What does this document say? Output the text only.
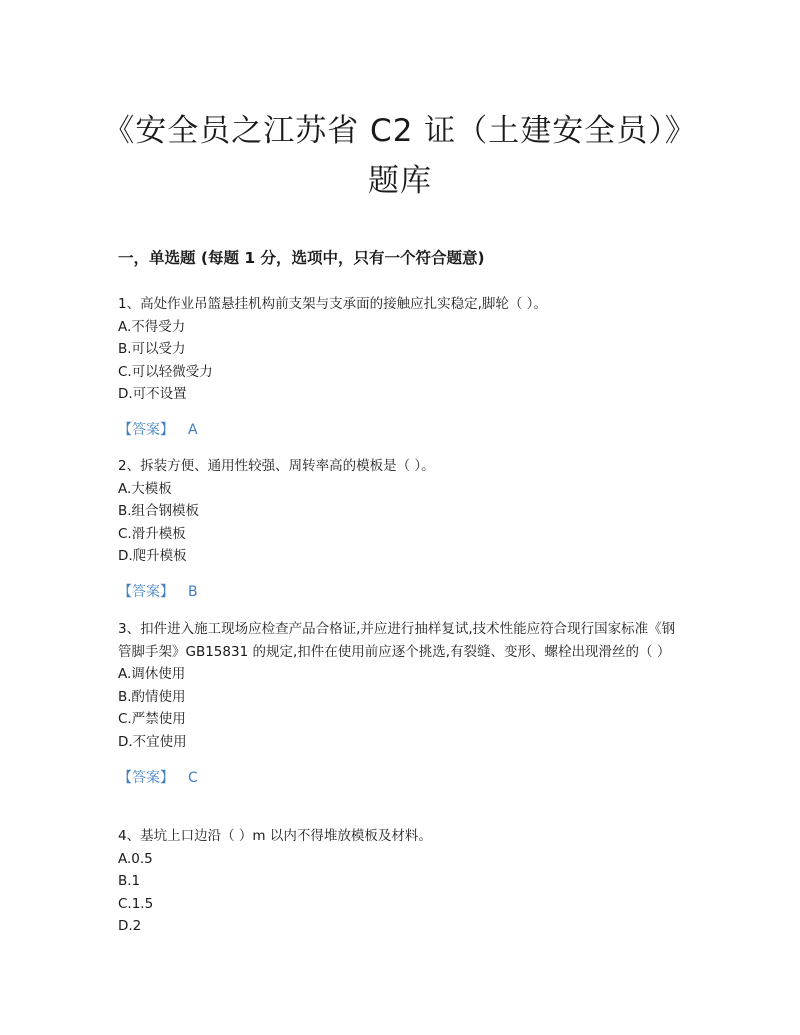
《安全员之江苏省 C2 证（土建安全员）》题库
一，单选题 (每题 1 分，选项中，只有一个符合题意)

1、高处作业吊篮悬挂机构前支架与支承面的接触应扎实稳定,脚轮（ ）。

A.不得受力

B.可以受力

C.可以轻微受力

D.可不设置

【答案】 A

2、拆装方便、通用性较强、周转率高的模板是（ ）。

A.大模板

B.组合钢模板

C.滑升模板

D.爬升模板

【答案】 B

3、扣件进入施工现场应检查产品合格证,并应进行抽样复试,技术性能应符合现行国家标准《钢管脚手架》GB15831 的规定,扣件在使用前应逐个挑选,有裂缝、变形、螺栓出现滑丝的（ ）

A.调休使用

B.酌情使用

C.严禁使用

D.不宜使用

【答案】 C

4、基坑上口边沿（ ）m 以内不得堆放模板及材料。

A.0.5

B.1

C.1.5

D.2
